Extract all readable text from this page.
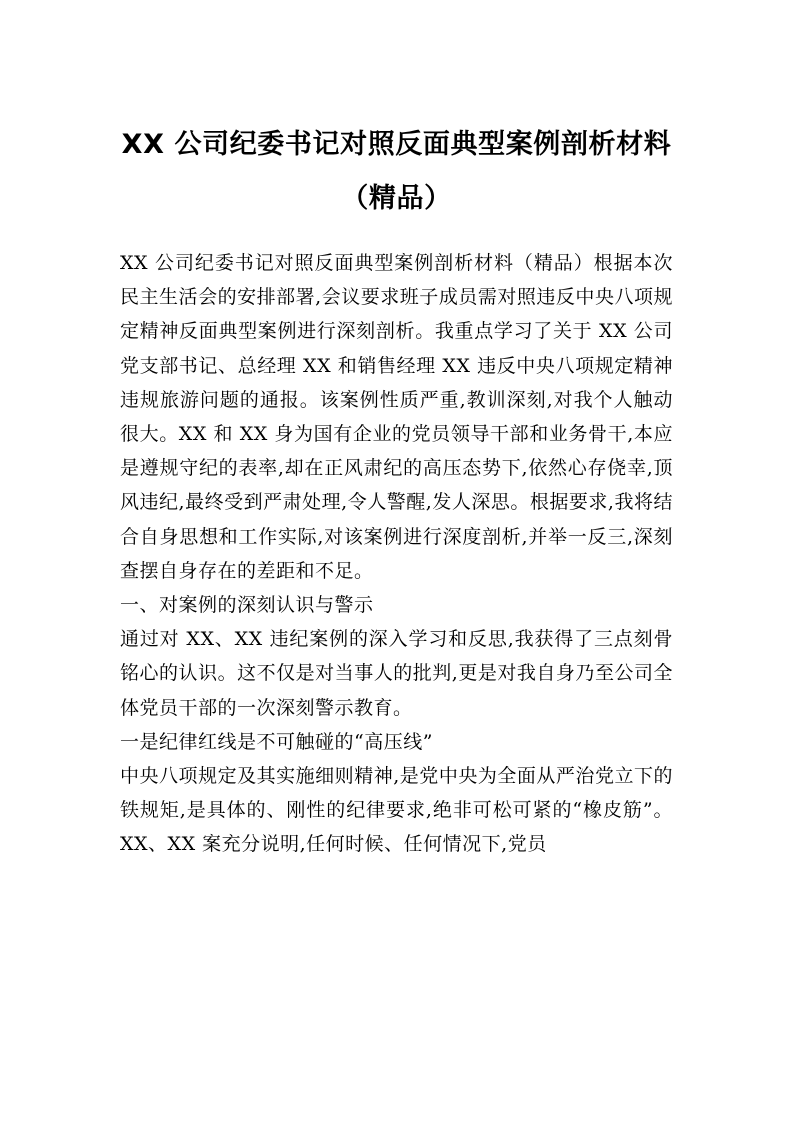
XX 公司纪委书记对照反面典型案例剖析材料（精品）

XX 公司纪委书记对照反面典型案例剖析材料（精品）根据本次民主生活会的安排部署,会议要求班子成员需对照违反中央八项规定精神反面典型案例进行深刻剖析。我重点学习了关于 XX 公司党支部书记、总经理 XX 和销售经理 XX 违反中央八项规定精神违规旅游问题的通报。该案例性质严重,教训深刻,对我个人触动很大。XX 和 XX 身为国有企业的党员领导干部和业务骨干,本应是遵规守纪的表率,却在正风肃纪的高压态势下,依然心存侥幸,顶风违纪,最终受到严肃处理,令人警醒,发人深思。根据要求,我将结合自身思想和工作实际,对该案例进行深度剖析,并举一反三,深刻查摆自身存在的差距和不足。

一、对案例的深刻认识与警示

通过对 XX、XX 违纪案例的深入学习和反思,我获得了三点刻骨铭心的认识。这不仅是对当事人的批判,更是对我自身乃至公司全体党员干部的一次深刻警示教育。

一是纪律红线是不可触碰的“高压线”

中央八项规定及其实施细则精神,是党中央为全面从严治党立下的铁规矩,是具体的、刚性的纪律要求,绝非可松可紧的“橡皮筋”。XX、XX 案充分说明,任何时候、任何情况下,党员
